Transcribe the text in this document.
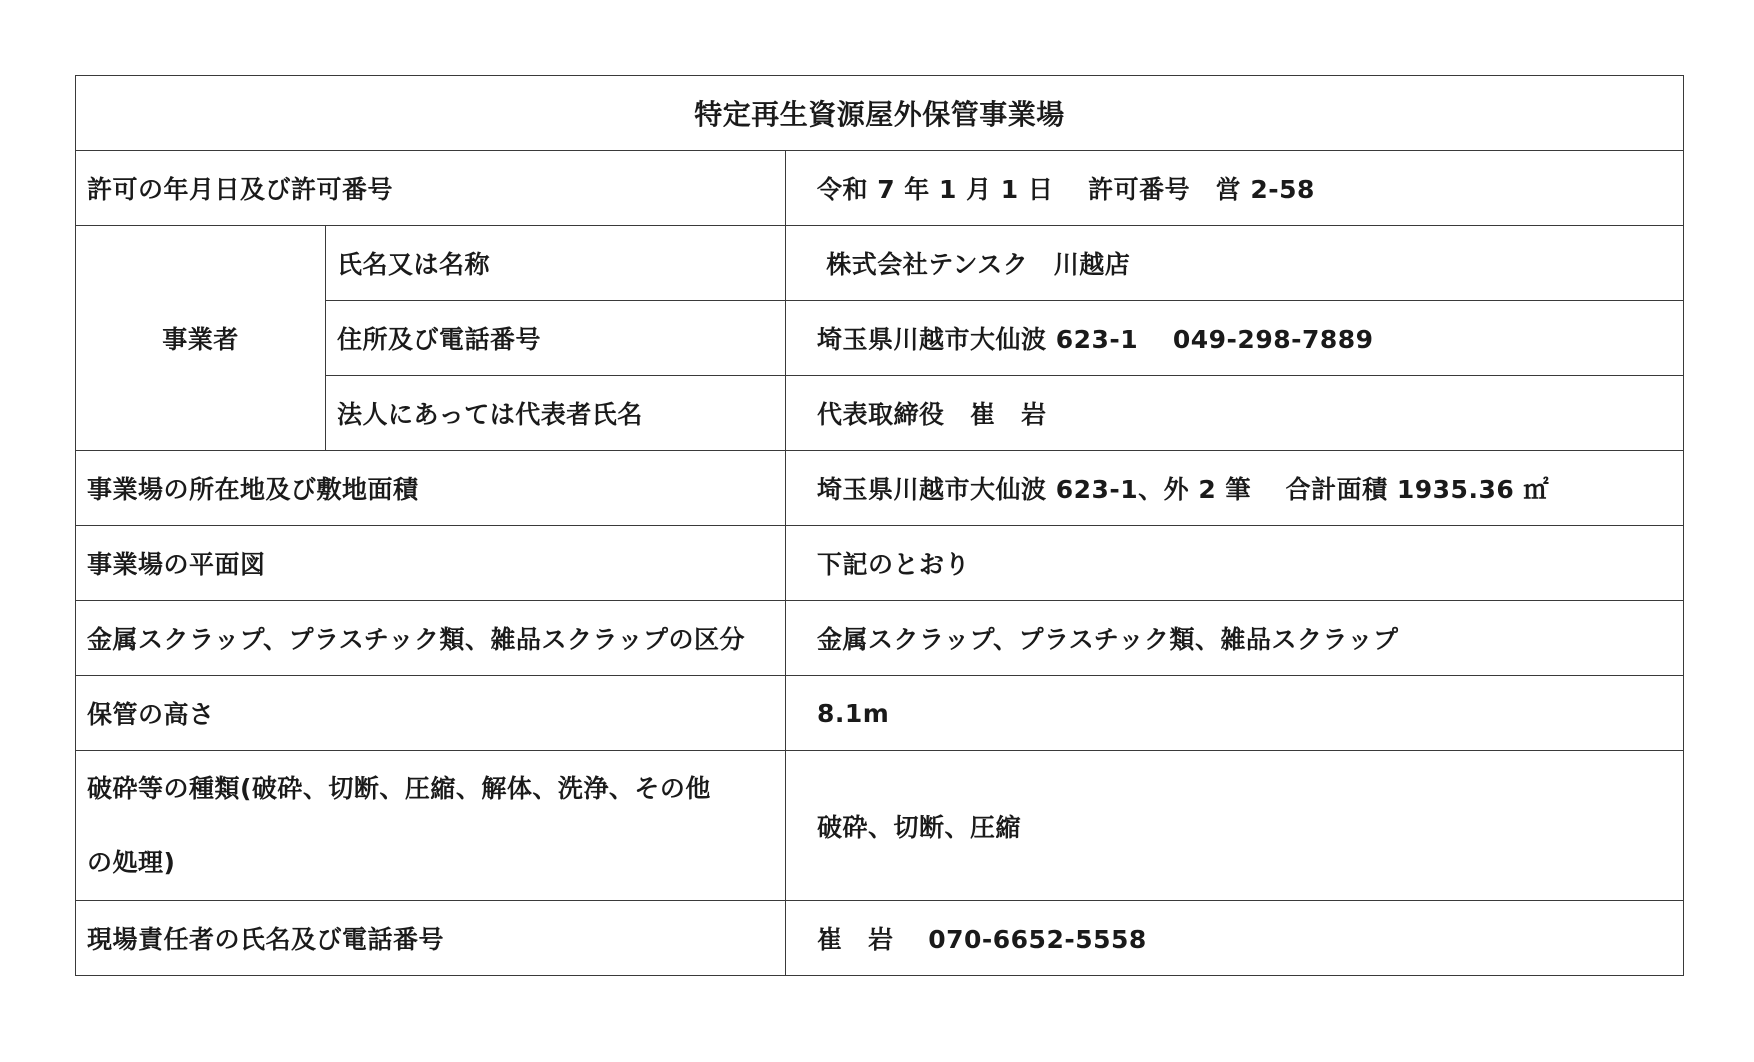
特定再生資源屋外保管事業場		
許可の年月日及び許可番号		令和 7 年 1 月 1 日　 許可番号　営 2-58
事業者	氏名又は名称	株式会社テンスク　川越店
	住所及び電話番号	埼玉県川越市大仙波 623-1　 049-298-7889
	法人にあっては代表者氏名	代表取締役　崔　岩
事業場の所在地及び敷地面積		埼玉県川越市大仙波 623-1、外 2 筆　 合計面積 1935.36 ㎡
事業場の平面図		下記のとおり
金属スクラップ、プラスチック類、雑品スクラップの区分		金属スクラップ、プラスチック類、雑品スクラップ
保管の高さ		8.1m

破砕等の種類(破砕、切断、圧縮、解体、洗浄、その他
の処理)		破砕、切断、圧縮
現場責任者の氏名及び電話番号		崔　岩　 070-6652-5558
